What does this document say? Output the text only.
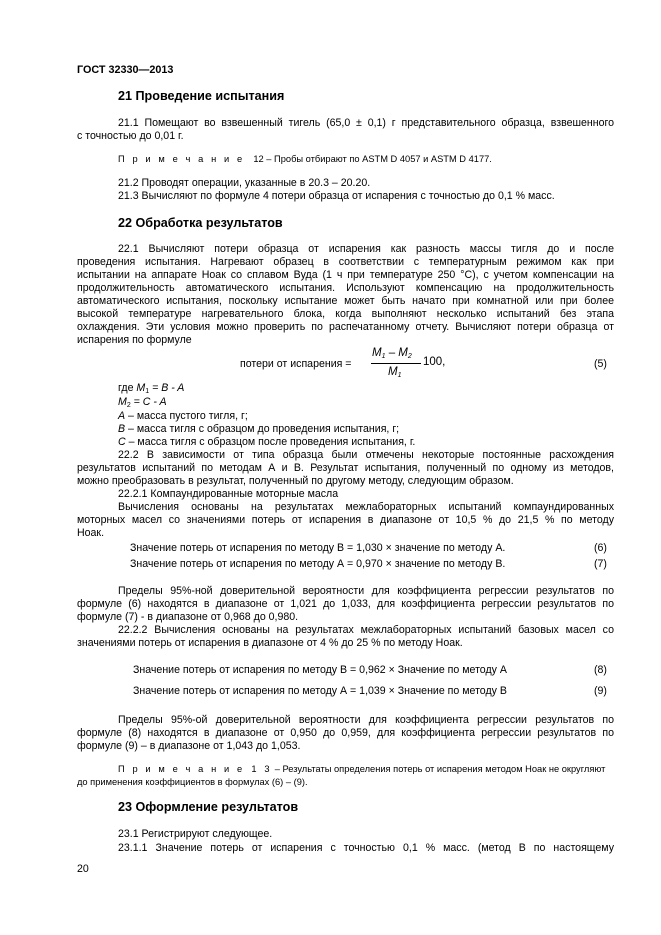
ГОСТ 32330—2013
21 Проведение испытания
21.1 Помещают во взвешенный тигель (65,0 ± 0,1) г представительного образца, взвешенного
с точностью до 0,01 г.
П р и м е ч а н и е 12 – Пробы отбирают по ASTM D 4057 и ASTM D 4177.
21.2 Проводят операции, указанные в 20.3 – 20.20.
21.3 Вычисляют по формуле 4 потери образца от испарения с точностью до 0,1 % масс.
22 Обработка результатов
22.1 Вычисляют потери образца от испарения как разность массы тигля до и после
проведения испытания. Нагревают образец в соответствии с температурным режимом как при
испытании на аппарате Ноак со сплавом Вуда (1 ч при температуре 250 °С), с учетом компенсации на
продолжительность автоматического испытания. Используют компенсацию на продолжительность
автоматического испытания, поскольку испытание может быть начато при комнатной или при более
высокой температуре нагревательного блока, когда выполняют несколько испытаний без этапа
охлаждения. Эти условия можно проверить по распечатанному отчету. Вычисляют потери образца от
испарения по формуле
потери от испарения =
$M_1 - M_2$
$M_1$
100,	(5)
где $M_1 = B - A$
$M_2 = C - A$
A – масса пустого тигля, г;
B – масса тигля с образцом до проведения испытания, г;
C – масса тигля с образцом после проведения испытания, г.
22.2 В зависимости от типа образца были отмечены некоторые постоянные расхождения
результатов испытаний по методам А и В. Результат испытания, полученный по одному из методов,
можно преобразовать в результат, полученный по другому методу, следующим образом.
22.2.1 Компаундированные моторные масла
Вычисления основаны на результатах межлабораторных испытаний компаундированных
моторных масел со значениями потерь от испарения в диапазоне от 10,5 % до 21,5 % по методу
Ноак.
Значение потерь от испарения по методу В = 1,030 × значение по методу А.	(6)
Значение потерь от испарения по методу А = 0,970 × значение по методу В.	(7)
Пределы 95%-ной доверительной вероятности для коэффициента регрессии результатов по
формуле (6) находятся в диапазоне от 1,021 до 1,033, для коэффициента регрессии результатов по
формуле (7) - в диапазоне от 0,968 до 0,980.
22.2.2 Вычисления основаны на результатах межлабораторных испытаний базовых масел со
значениями потерь от испарения в диапазоне от 4 % до 25 % по методу Ноак.
Значение потерь от испарения по методу В = 0,962 × Значение по методу А	(8)
Значение потерь от испарения по методу А = 1,039 × Значение по методу В	(9)
Пределы 95%-ой доверительной вероятности для коэффициента регрессии результатов по
формуле (8) находятся в диапазоне от 0,950 до 0,959, для коэффициента регрессии результатов по
формуле (9) – в диапазоне от 1,043 до 1,053.
П р и м е ч а н и е 1 3 – Результаты определения потерь от испарения методом Ноак не округляют
до применения коэффициентов в формулах (6) – (9).
23 Оформление результатов
23.1 Регистрируют следующее.
23.1.1 Значение потерь от испарения с точностью 0,1 % масс. (метод В по настоящему
20
